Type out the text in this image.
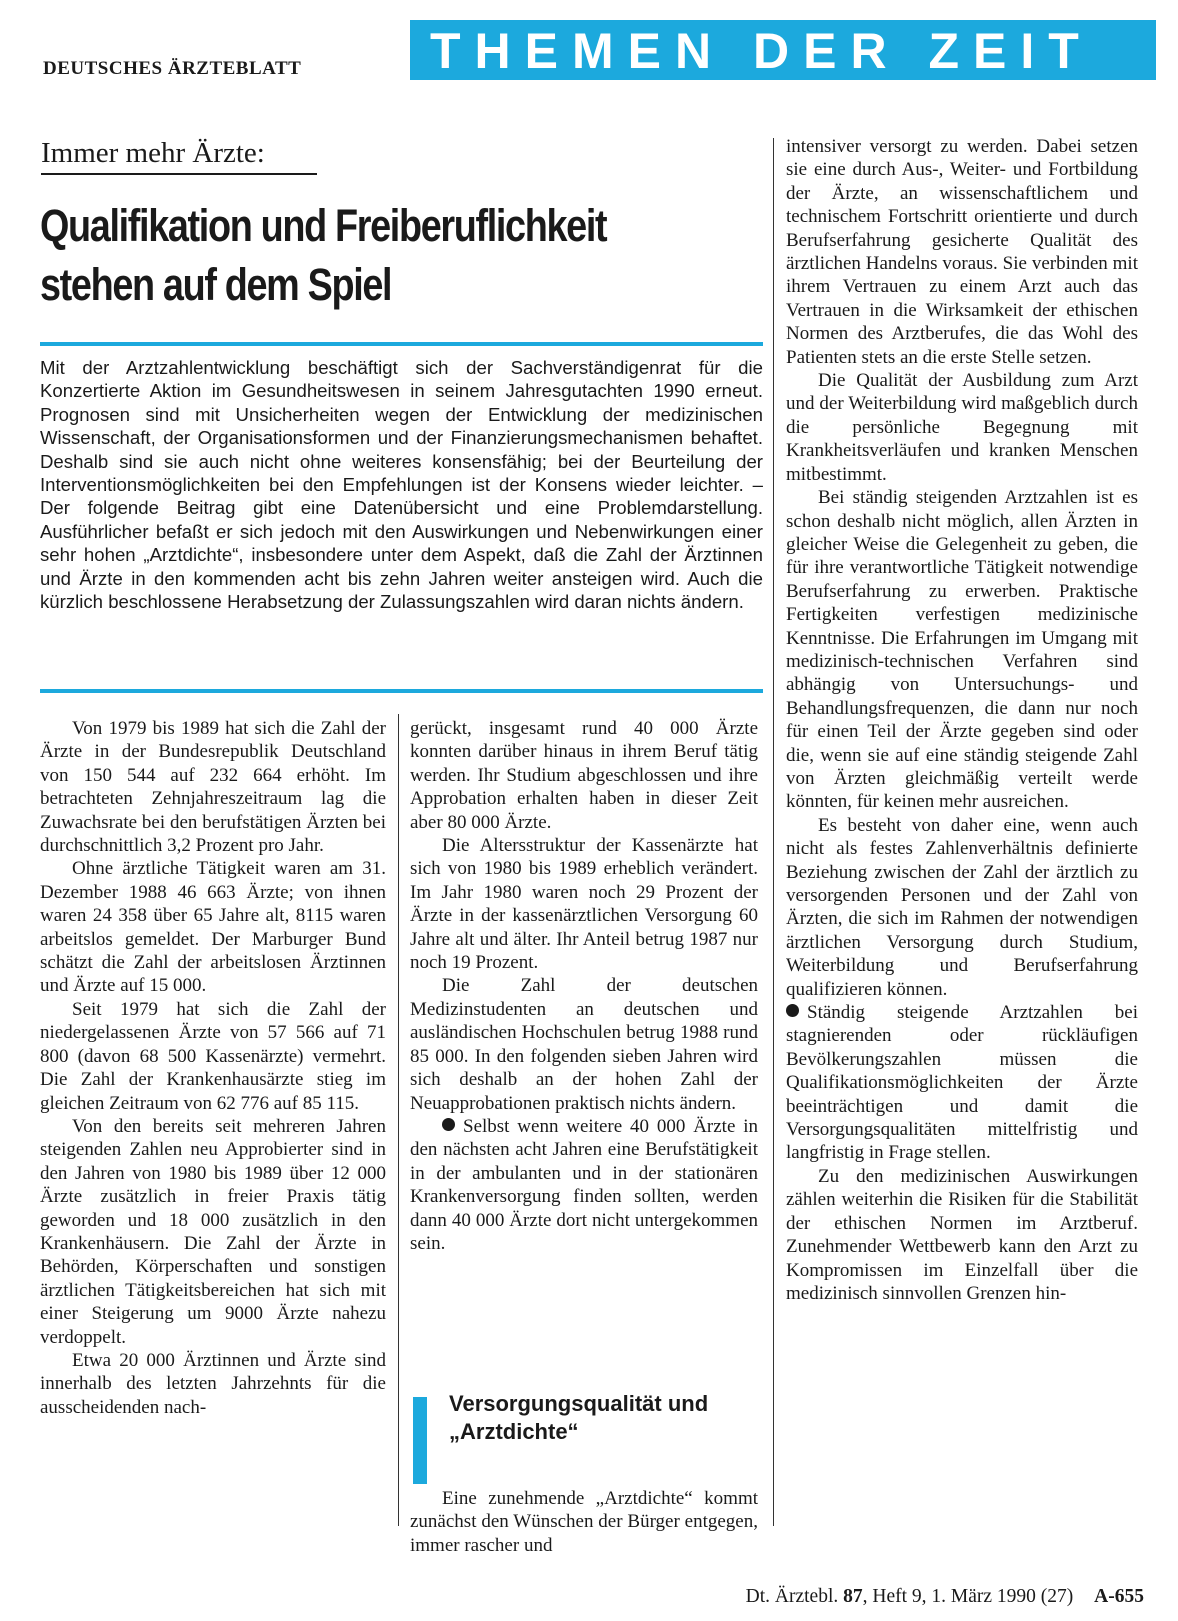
DEUTSCHES ÄRZTEBLATT	THEMEN DER ZEIT
Immer mehr Ärzte:
Qualifikation und Freiberuflichkeit
stehen auf dem Spiel

Mit der Arztzahlentwicklung beschäftigt sich der Sachverständigenrat für die Konzertierte Aktion im Gesundheitswesen in seinem Jahresgutachten 1990 erneut. Prognosen sind mit Unsicherheiten wegen der Entwicklung der medizinischen Wissenschaft, der Organisationsformen und der Finanzierungsmechanismen behaftet. Deshalb sind sie auch nicht ohne weiteres konsensfähig; bei der Beurteilung der Interventionsmöglichkeiten bei den Empfehlungen ist der Konsens wieder leichter. – Der folgende Beitrag gibt eine Datenübersicht und eine Problemdarstellung. Ausführlicher befaßt er sich jedoch mit den Auswirkungen und Nebenwirkungen einer sehr hohen „Arztdichte“, insbesondere unter dem Aspekt, daß die Zahl der Ärztinnen und Ärzte in den kommenden acht bis zehn Jahren weiter ansteigen wird. Auch die kürzlich beschlossene Herabsetzung der Zulassungszahlen wird daran nichts ändern.

Von 1979 bis 1989 hat sich die Zahl der Ärzte in der Bundesrepublik Deutschland von 150 544 auf 232 664 erhöht. Im betrachteten Zehnjahreszeitraum lag die Zuwachsrate bei den berufstätigen Ärzten bei durchschnittlich 3,2 Prozent pro Jahr.

Ohne ärztliche Tätigkeit waren am 31. Dezember 1988 46 663 Ärzte; von ihnen waren 24 358 über 65 Jahre alt, 8115 waren arbeitslos gemeldet. Der Marburger Bund schätzt die Zahl der arbeitslosen Ärztinnen und Ärzte auf 15 000.

Seit 1979 hat sich die Zahl der niedergelassenen Ärzte von 57 566 auf 71 800 (davon 68 500 Kassenärzte) vermehrt. Die Zahl der Krankenhausärzte stieg im gleichen Zeitraum von 62 776 auf 85 115.

Von den bereits seit mehreren Jahren steigenden Zahlen neu Approbierter sind in den Jahren von 1980 bis 1989 über 12 000 Ärzte zusätzlich in freier Praxis tätig geworden und 18 000 zusätzlich in den Krankenhäusern. Die Zahl der Ärzte in Behörden, Körperschaften und sonstigen ärztlichen Tätigkeitsbereichen hat sich mit einer Steigerung um 9000 Ärzte nahezu verdoppelt.

Etwa 20 000 Ärztinnen und Ärzte sind innerhalb des letzten Jahrzehnts für die ausscheidenden nach-

gerückt, insgesamt rund 40 000 Ärzte konnten darüber hinaus in ihrem Beruf tätig werden. Ihr Studium abgeschlossen und ihre Approbation erhalten haben in dieser Zeit aber 80 000 Ärzte.

Die Altersstruktur der Kassenärzte hat sich von 1980 bis 1989 erheblich verändert. Im Jahr 1980 waren noch 29 Prozent der Ärzte in der kassenärztlichen Versorgung 60 Jahre alt und älter. Ihr Anteil betrug 1987 nur noch 19 Prozent.

Die Zahl der deutschen Medizinstudenten an deutschen und ausländischen Hochschulen betrug 1988 rund 85 000. In den folgenden sieben Jahren wird sich deshalb an der hohen Zahl der Neuapprobationen praktisch nichts ändern.

Selbst wenn weitere 40 000 Ärzte in den nächsten acht Jahren eine Berufstätigkeit in der ambulanten und in der stationären Krankenversorgung finden sollten, werden dann 40 000 Ärzte dort nicht untergekommen sein.

Versorgungsqualität und „Arztdichte“

Eine zunehmende „Arztdichte“ kommt zunächst den Wünschen der Bürger entgegen, immer rascher und

intensiver versorgt zu werden. Dabei setzen sie eine durch Aus-, Weiter- und Fortbildung der Ärzte, an wissenschaftlichem und technischem Fortschritt orientierte und durch Berufserfahrung gesicherte Qualität des ärztlichen Handelns voraus. Sie verbinden mit ihrem Vertrauen zu einem Arzt auch das Vertrauen in die Wirksamkeit der ethischen Normen des Arztberufes, die das Wohl des Patienten stets an die erste Stelle setzen.

Die Qualität der Ausbildung zum Arzt und der Weiterbildung wird maßgeblich durch die persönliche Begegnung mit Krankheitsverläufen und kranken Menschen mitbestimmt.

Bei ständig steigenden Arztzahlen ist es schon deshalb nicht möglich, allen Ärzten in gleicher Weise die Gelegenheit zu geben, die für ihre verantwortliche Tätigkeit notwendige Berufserfahrung zu erwerben. Praktische Fertigkeiten verfestigen medizinische Kenntnisse. Die Erfahrungen im Umgang mit medizinisch-technischen Verfahren sind abhängig von Untersuchungs- und Behandlungsfrequenzen, die dann nur noch für einen Teil der Ärzte gegeben sind oder die, wenn sie auf eine ständig steigende Zahl von Ärzten gleichmäßig verteilt werde könnten, für keinen mehr ausreichen.

Es besteht von daher eine, wenn auch nicht als festes Zahlenverhältnis definierte Beziehung zwischen der Zahl der ärztlich zu versorgenden Personen und der Zahl von Ärzten, die sich im Rahmen der notwendigen ärztlichen Versorgung durch Studium, Weiterbildung und Berufserfahrung qualifizieren können.

Ständig steigende Arztzahlen bei stagnierenden oder rückläufigen Bevölkerungszahlen müssen die Qualifikationsmöglichkeiten der Ärzte beeinträchtigen und damit die Versorgungsqualitäten mittelfristig und langfristig in Frage stellen.

Zu den medizinischen Auswirkungen zählen weiterhin die Risiken für die Stabilität der ethischen Normen im Arztberuf. Zunehmender Wettbewerb kann den Arzt zu Kompromissen im Einzelfall über die medizinisch sinnvollen Grenzen hin-

Dt. Ärztebl. 87, Heft 9, 1. März 1990 (27) A-655
